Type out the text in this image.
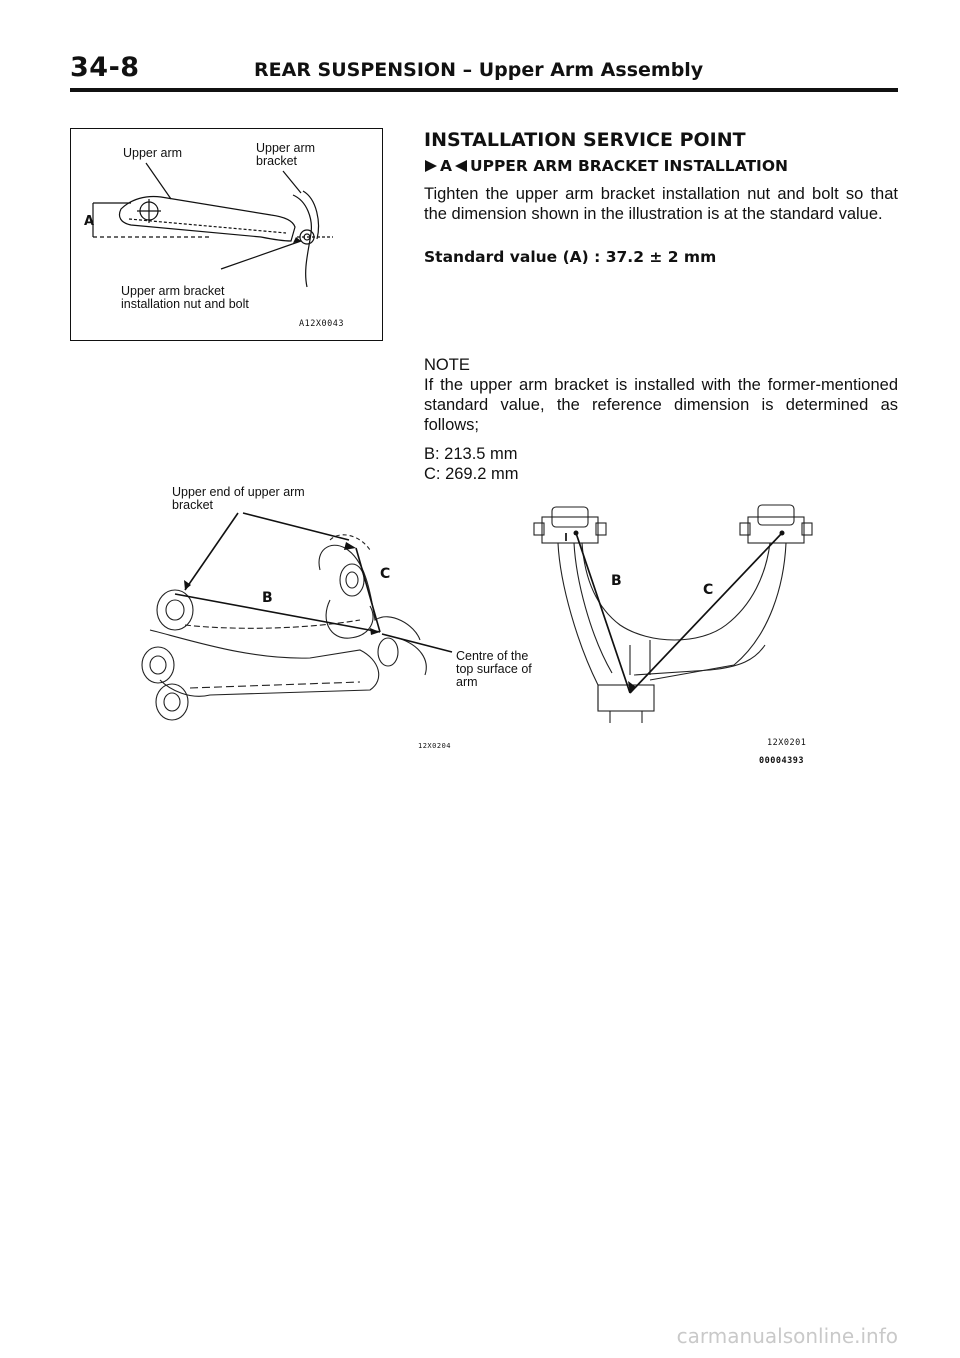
34-8	REAR SUSPENSION – Upper Arm Assembly
Upper arm	Upper arm
bracket
Upper arm bracket
installation nut and bolt
A
A12X0043
INSTALLATION SERVICE POINT
A UPPER ARM BRACKET INSTALLATION
Tighten the upper arm bracket installation nut and bolt so that the dimension shown in the illustration is at the standard value.
Standard value (A) : 37.2 ± 2 mm
NOTE
If the upper arm bracket is installed with the former-mentioned standard value, the reference dimension is determined as follows;
B: 213.5 mm
C: 269.2 mm
Upper end of upper arm
bracket
Centre of the
top surface of
arm
B
C	B
C
12X0204	12X0201
00004393
carmanualsonline.info
